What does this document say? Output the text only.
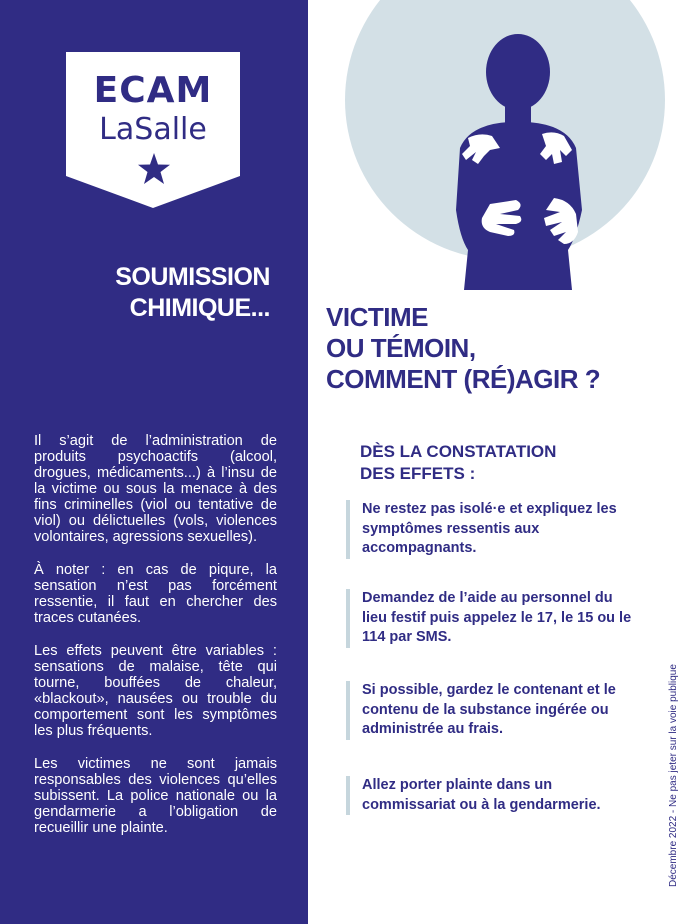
ECAM
LaSalle
SOUMISSION
CHIMIQUE...

Il s’agit de l’administration de produits psychoactifs (alcool, drogues, médicaments...) à l’insu de la victime ou sous la menace à des fins criminelles (viol ou tentative de viol) ou délictuelles (vols, violences volontaires, agressions sexuelles).

À noter : en cas de piqure, la sensation n’est pas forcément ressentie, il faut en chercher des traces cutanées.

Les effets peuvent être variables : sensations de malaise, tête qui tourne, bouffées de chaleur, «blackout», nausées ou trouble du comportement sont les symptômes les plus fréquents.

Les victimes ne sont jamais responsables des violences qu’elles subissent. La police nationale ou la gendarmerie a l’obligation de recueillir une plainte.

VICTIME
OU TÉMOIN,
COMMENT (RÉ)AGIR ?
DÈS LA CONSTATATION
DES EFFETS :
Ne restez pas isolé·e et expliquez les symptômes ressentis aux accompagnants.
Demandez de l’aide au personnel du lieu festif puis appelez le 17, le 15 ou le 114 par SMS.
Si possible, gardez le contenant et le contenu de la substance ingérée ou administrée au frais.
Allez porter plainte dans un commissariat ou à la gendarmerie.	Décembre 2022 - Ne pas jeter sur la voie publique
